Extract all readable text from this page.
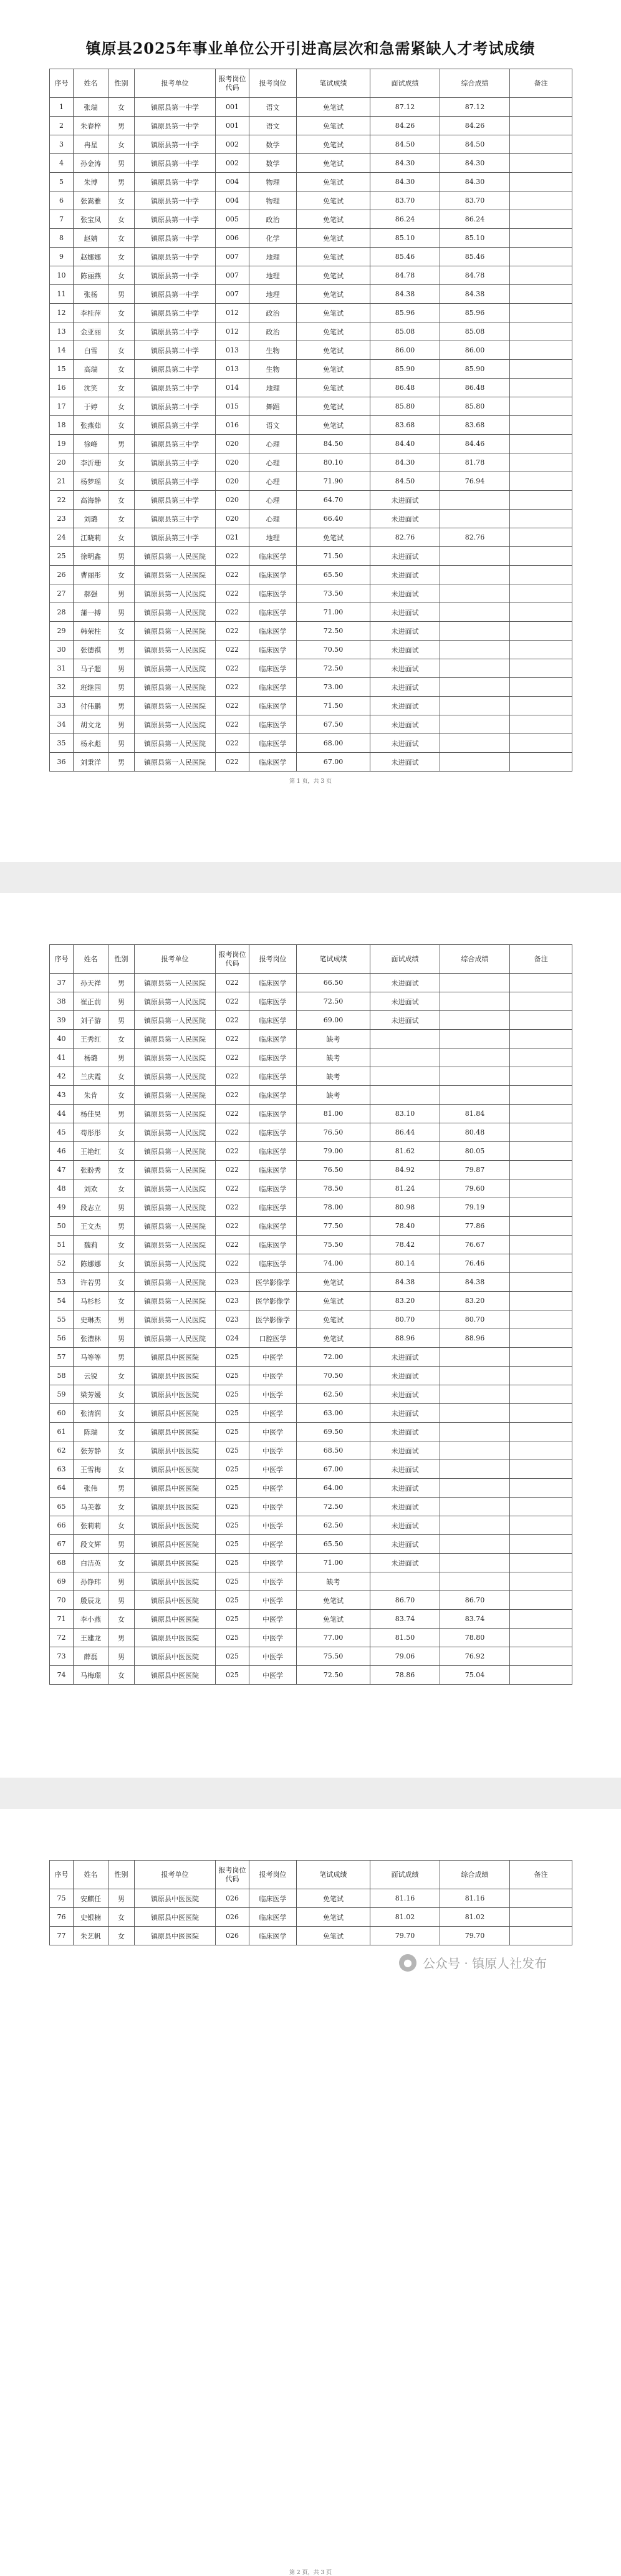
镇原县2025年事业单位公开引进高层次和急需紧缺人才考试成绩
序号	姓名	性别	报考单位	报考岗位代码	报考岗位	笔试成绩	面试成绩	综合成绩	备注
1	张瑞	女	镇原县第一中学	001	语文	免笔试	87.12	87.12	
2	朱春梓	男	镇原县第一中学	001	语文	免笔试	84.26	84.26	
3	冉星	女	镇原县第一中学	002	数学	免笔试	84.50	84.50	
4	孙金涛	男	镇原县第一中学	002	数学	免笔试	84.30	84.30	
5	朱博	男	镇原县第一中学	004	物理	免笔试	84.30	84.30	
6	张嵩雅	女	镇原县第一中学	004	物理	免笔试	83.70	83.70	
7	张宝凤	女	镇原县第一中学	005	政治	免笔试	86.24	86.24	
8	赵婧	女	镇原县第一中学	006	化学	免笔试	85.10	85.10	
9	赵娜娜	女	镇原县第一中学	007	地理	免笔试	85.46	85.46	
10	陈丽燕	女	镇原县第一中学	007	地理	免笔试	84.78	84.78	
11	张杨	男	镇原县第一中学	007	地理	免笔试	84.38	84.38	
12	李桂萍	女	镇原县第二中学	012	政治	免笔试	85.96	85.96	
13	金亚丽	女	镇原县第二中学	012	政治	免笔试	85.08	85.08	
14	白雪	女	镇原县第二中学	013	生物	免笔试	86.00	86.00	
15	高瑞	女	镇原县第二中学	013	生物	免笔试	85.90	85.90	
16	沈笑	女	镇原县第二中学	014	地理	免笔试	86.48	86.48	
17	于婷	女	镇原县第二中学	015	舞蹈	免笔试	85.80	85.80	
18	张燕茹	女	镇原县第三中学	016	语文	免笔试	83.68	83.68	
19	徐峰	男	镇原县第三中学	020	心理	84.50	84.40	84.46	
20	李沂珊	女	镇原县第三中学	020	心理	80.10	84.30	81.78	
21	杨梦瑶	女	镇原县第三中学	020	心理	71.90	84.50	76.94	
22	高海静	女	镇原县第三中学	020	心理	64.70	未进面试		
23	刘璐	女	镇原县第三中学	020	心理	66.40	未进面试		
24	江晓莉	女	镇原县第三中学	021	地理	免笔试	82.76	82.76	
25	徐明鑫	男	镇原县第一人民医院	022	临床医学	71.50	未进面试		
26	曹丽彤	女	镇原县第一人民医院	022	临床医学	65.50	未进面试		
27	郝强	男	镇原县第一人民医院	022	临床医学	73.50	未进面试		
28	蒲一搏	男	镇原县第一人民医院	022	临床医学	71.00	未进面试		
29	韩荣柱	女	镇原县第一人民医院	022	临床医学	72.50	未进面试		
30	张德祺	男	镇原县第一人民医院	022	临床医学	70.50	未进面试		
31	马子超	男	镇原县第一人民医院	022	临床医学	72.50	未进面试		
32	班继园	男	镇原县第一人民医院	022	临床医学	73.00	未进面试		
33	付伟鹏	男	镇原县第一人民医院	022	临床医学	71.50	未进面试		
34	胡文龙	男	镇原县第一人民医院	022	临床医学	67.50	未进面试		
35	杨永彪	男	镇原县第一人民医院	022	临床医学	68.00	未进面试		
36	刘秉洋	男	镇原县第一人民医院	022	临床医学	67.00	未进面试		
第 1 页，共 3 页
序号	姓名	性别	报考单位	报考岗位代码	报考岗位	笔试成绩	面试成绩	综合成绩	备注
37	孙天祥	男	镇原县第一人民医院	022	临床医学	66.50	未进面试		
38	崔正前	男	镇原县第一人民医院	022	临床医学	72.50	未进面试		
39	刘子游	男	镇原县第一人民医院	022	临床医学	69.00	未进面试		
40	王秀红	女	镇原县第一人民医院	022	临床医学	缺考			
41	杨璐	男	镇原县第一人民医院	022	临床医学	缺考			
42	兰庆霞	女	镇原县第一人民医院	022	临床医学	缺考			
43	朱肯	女	镇原县第一人民医院	022	临床医学	缺考			
44	杨佳昊	男	镇原县第一人民医院	022	临床医学	81.00	83.10	81.84	
45	苟彤彤	女	镇原县第一人民医院	022	临床医学	76.50	86.44	80.48	
46	王艳红	女	镇原县第一人民医院	022	临床医学	79.00	81.62	80.05	
47	张盼秀	女	镇原县第一人民医院	022	临床医学	76.50	84.92	79.87	
48	刘欢	女	镇原县第一人民医院	022	临床医学	78.50	81.24	79.60	
49	段志立	男	镇原县第一人民医院	022	临床医学	78.00	80.98	79.19	
50	王文杰	男	镇原县第一人民医院	022	临床医学	77.50	78.40	77.86	
51	魏莉	女	镇原县第一人民医院	022	临床医学	75.50	78.42	76.67	
52	陈娜娜	女	镇原县第一人民医院	022	临床医学	74.00	80.14	76.46	
53	许若男	女	镇原县第一人民医院	023	医学影像学	免笔试	84.38	84.38	
54	马杉杉	女	镇原县第一人民医院	023	医学影像学	免笔试	83.20	83.20	
55	史琳杰	男	镇原县第一人民医院	023	医学影像学	免笔试	80.70	80.70	
56	张澧林	男	镇原县第一人民医院	024	口腔医学	免笔试	88.96	88.96	
57	马等等	男	镇原县中医医院	025	中医学	72.00	未进面试		
58	云锐	女	镇原县中医医院	025	中医学	70.50	未进面试		
59	梁芳媛	女	镇原县中医医院	025	中医学	62.50	未进面试		
60	张清润	女	镇原县中医医院	025	中医学	63.00	未进面试		
61	陈瑞	女	镇原县中医医院	025	中医学	69.50	未进面试		
62	张芳静	女	镇原县中医医院	025	中医学	68.50	未进面试		
63	王雪梅	女	镇原县中医医院	025	中医学	67.00	未进面试		
64	张伟	男	镇原县中医医院	025	中医学	64.00	未进面试		
65	马美蓉	女	镇原县中医医院	025	中医学	72.50	未进面试		
66	张莉莉	女	镇原县中医医院	025	中医学	62.50	未进面试		
67	段文辉	男	镇原县中医医院	025	中医学	65.50	未进面试		
68	白洁英	女	镇原县中医医院	025	中医学	71.00	未进面试		
69	孙铮玮	男	镇原县中医医院	025	中医学	缺考			
70	殷辰龙	男	镇原县中医医院	025	中医学	免笔试	86.70	86.70	
71	李小燕	女	镇原县中医医院	025	中医学	免笔试	83.74	83.74	
72	王建龙	男	镇原县中医医院	025	中医学	77.00	81.50	78.80	
73	薛磊	男	镇原县中医医院	025	中医学	75.50	79.06	76.92	
74	马梅璟	女	镇原县中医医院	025	中医学	72.50	78.86	75.04	
第 2 页，共 3 页
序号	姓名	性别	报考单位	报考岗位代码	报考岗位	笔试成绩	面试成绩	综合成绩	备注
75	安麒任	男	镇原县中医医院	026	临床医学	免笔试	81.16	81.16	
76	史银楠	女	镇原县中医医院	026	临床医学	免笔试	81.02	81.02	
77	朱艺帆	女	镇原县中医医院	026	临床医学	免笔试	79.70	79.70	
● 公众号 · 镇原人社发布
